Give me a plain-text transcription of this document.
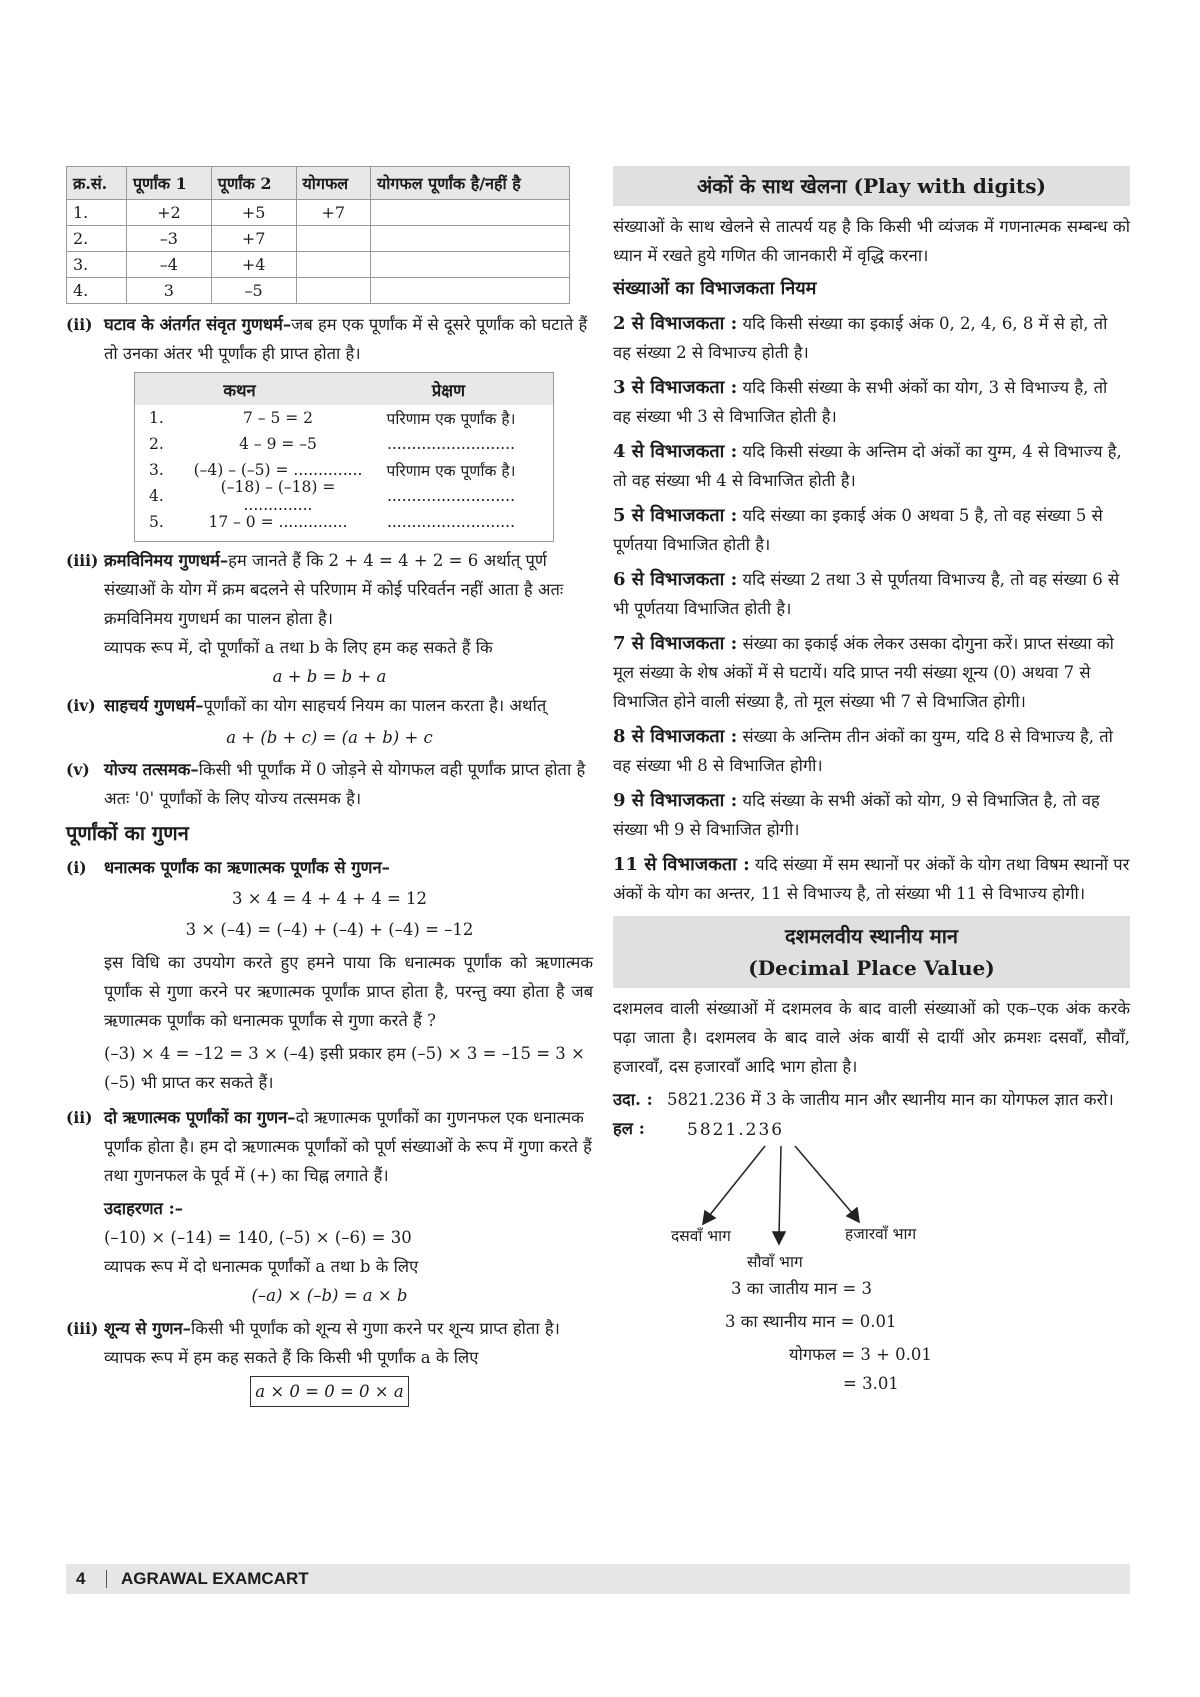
क्र.सं.	पूर्णांक 1	पूर्णांक 2	योगफल	योगफल पूर्णांक है/नहीं है
1.	+2	+5	+7	
2.	–3	+7		
3.	–4	+4		
4.	3	–5		
(ii) घटाव के अंतर्गत संवृत गुणधर्म–जब हम एक पूर्णांक में से दूसरे पूर्णांक को घटाते हैं तो उनका अंतर भी पूर्णांक ही प्राप्त होता है।
कथन	प्रेक्षण
1.	7 – 5 = 2	परिणाम एक पूर्णांक है।
2.	4 – 9 = –5	..........................
3.	(–4) – (–5) = ..............	परिणाम एक पूर्णांक है।
4.	(–18) – (–18) = ..............	..........................
5.	17 – 0 = ..............	..........................
(iii) क्रमविनिमय गुणधर्म–हम जानते हैं कि 2 + 4 = 4 + 2 = 6 अर्थात् पूर्ण संख्याओं के योग में क्रम बदलने से परिणाम में कोई परिवर्तन नहीं आता है अतः क्रमविनिमय गुणधर्म का पालन होता है।
व्यापक रूप में, दो पूर्णांकों a तथा b के लिए हम कह सकते हैं कि
a + b = b + a
(iv) साहचर्य गुणधर्म–पूर्णांकों का योग साहचर्य नियम का पालन करता है। अर्थात्
a + (b + c) = (a + b) + c
(v) योज्य तत्समक–किसी भी पूर्णांक में 0 जोड़ने से योगफल वही पूर्णांक प्राप्त होता है अतः '0' पूर्णांकों के लिए योज्य तत्समक है।
पूर्णांकों का गुणन
(i)	धनात्मक पूर्णांक का ऋणात्मक पूर्णांक से गुणन–
3 × 4 = 4 + 4 + 4 = 12
3 × (–4) = (–4) + (–4) + (–4) = –12
इस विधि का उपयोग करते हुए हमने पाया कि धनात्मक पूर्णांक को ऋणात्मक पूर्णांक से गुणा करने पर ऋणात्मक पूर्णांक प्राप्त होता है, परन्तु क्या होता है जब ऋणात्मक पूर्णांक को धनात्मक पूर्णांक से गुणा करते हैं ?
(–3) × 4 = –12 = 3 × (–4) इसी प्रकार हम (–5) × 3 = –15 = 3 × (–5) भी प्राप्त कर सकते हैं।
(ii) दो ऋणात्मक पूर्णांकों का गुणन–दो ऋणात्मक पूर्णांकों का गुणनफल एक धनात्मक पूर्णांक होता है। हम दो ऋणात्मक पूर्णांकों को पूर्ण संख्याओं के रूप में गुणा करते हैं तथा गुणनफल के पूर्व में (+) का चिह्न लगाते हैं।
उदाहरणत :–
(–10) × (–14) = 140, (–5) × (–6) = 30
व्यापक रूप में दो धनात्मक पूर्णांकों a तथा b के लिए
(–a) × (–b) = a × b
(iii) शून्य से गुणन–किसी भी पूर्णांक को शून्य से गुणा करने पर शून्य प्राप्त होता है। व्यापक रूप में हम कह सकते हैं कि किसी भी पूर्णांक a के लिए
a × 0 = 0 = 0 × a
अंकों के साथ खेलना (Play with digits)
संख्याओं के साथ खेलने से तात्पर्य यह है कि किसी भी व्यंजक में गणनात्मक सम्बन्ध को ध्यान में रखते हुये गणित की जानकारी में वृद्धि करना।
संख्याओं का विभाजकता नियम
2 से विभाजकता : यदि किसी संख्या का इकाई अंक 0, 2, 4, 6, 8 में से हो, तो वह संख्या 2 से विभाज्य होती है।
3 से विभाजकता : यदि किसी संख्या के सभी अंकों का योग, 3 से विभाज्य है, तो वह संख्या भी 3 से विभाजित होती है।
4 से विभाजकता : यदि किसी संख्या के अन्तिम दो अंकों का युग्म, 4 से विभाज्य है, तो वह संख्या भी 4 से विभाजित होती है।
5 से विभाजकता : यदि संख्या का इकाई अंक 0 अथवा 5 है, तो वह संख्या 5 से पूर्णतया विभाजित होती है।
6 से विभाजकता : यदि संख्या 2 तथा 3 से पूर्णतया विभाज्य है, तो वह संख्या 6 से भी पूर्णतया विभाजित होती है।
7 से विभाजकता : संख्या का इकाई अंक लेकर उसका दोगुना करें। प्राप्त संख्या को मूल संख्या के शेष अंकों में से घटायें। यदि प्राप्त नयी संख्या शून्य (0) अथवा 7 से विभाजित होने वाली संख्या है, तो मूल संख्या भी 7 से विभाजित होगी।
8 से विभाजकता : संख्या के अन्तिम तीन अंकों का युग्म, यदि 8 से विभाज्य है, तो वह संख्या भी 8 से विभाजित होगी।
9 से विभाजकता : यदि संख्या के सभी अंकों को योग, 9 से विभाजित है, तो वह संख्या भी 9 से विभाजित होगी।
11 से विभाजकता : यदि संख्या में सम स्थानों पर अंकों के योग तथा विषम स्थानों पर अंकों के योग का अन्तर, 11 से विभाज्य है, तो संख्या भी 11 से विभाज्य होगी।
दशमलवीय स्थानीय मान
(Decimal Place Value)
दशमलव वाली संख्याओं में दशमलव के बाद वाली संख्याओं को एक–एक अंक करके पढ़ा जाता है। दशमलव के बाद वाले अंक बायीं से दायीं ओर क्रमशः दसवाँ, सौवाँ, हजारवाँ, दस हजारवाँ आदि भाग होता है।
उदा. : 5821.236 में 3 के जातीय मान और स्थानीय मान का योगफल ज्ञात करो।
हल : 5821.236
दसवाँ भाग
सौवाँ भाग
हजारवाँ भाग
3 का जातीय मान = 3
3 का स्थानीय मान = 0.01
योगफल = 3 + 0.01
= 3.01
4	AGRAWAL EXAMCART
